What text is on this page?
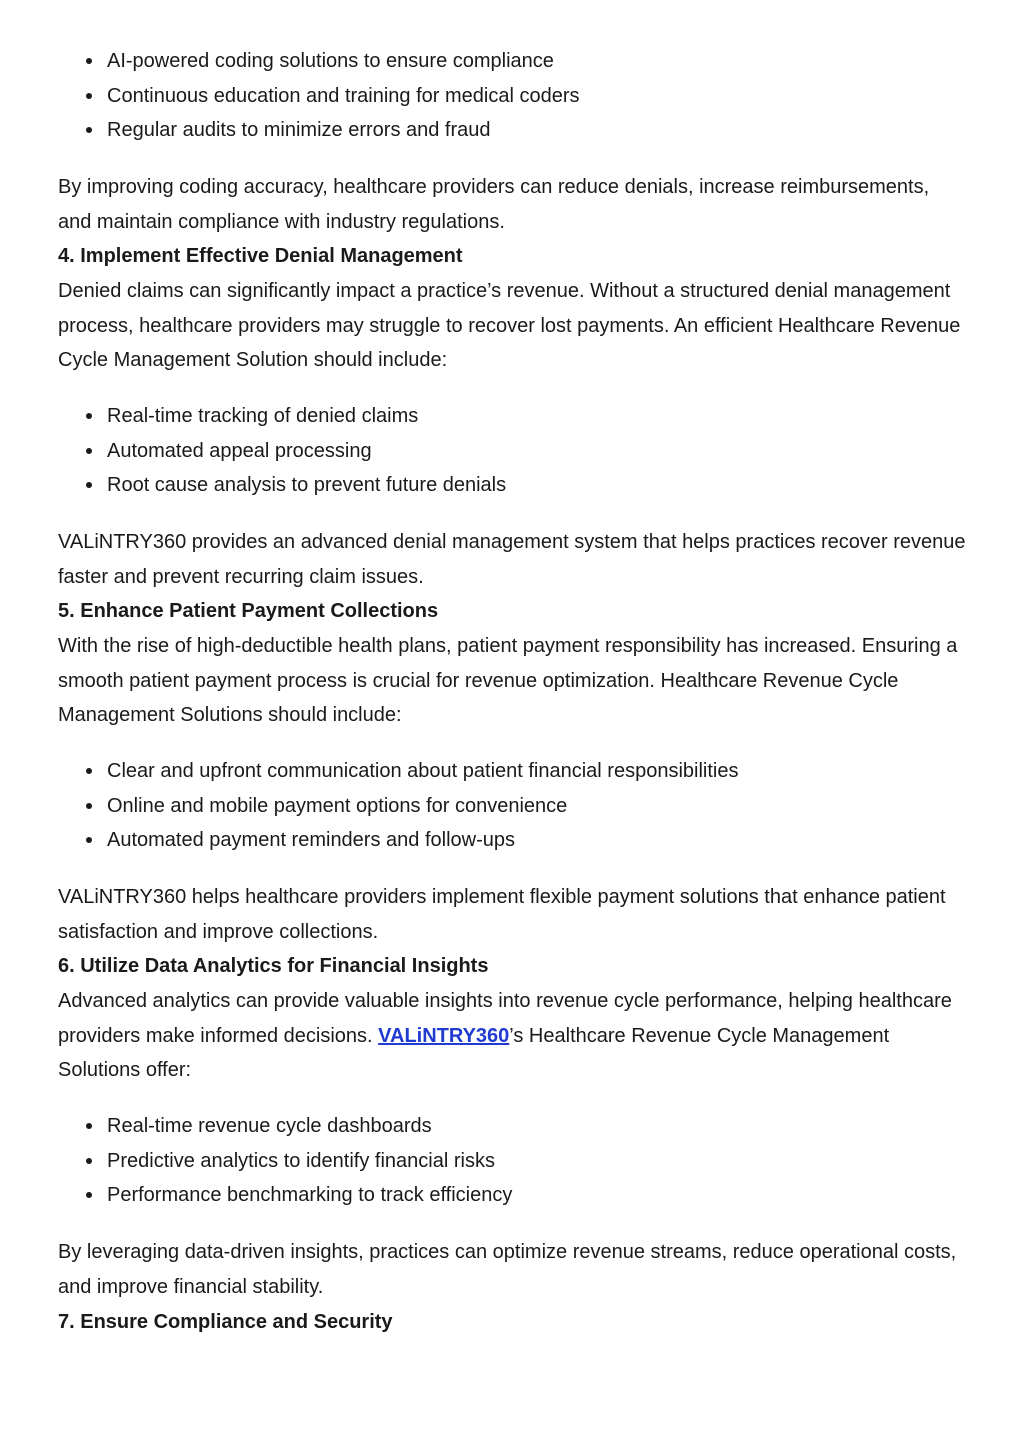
AI-powered coding solutions to ensure compliance
Continuous education and training for medical coders
Regular audits to minimize errors and fraud

By improving coding accuracy, healthcare providers can reduce denials, increase reimbursements, and maintain compliance with industry regulations.

4. Implement Effective Denial Management

Denied claims can significantly impact a practice’s revenue. Without a structured denial management process, healthcare providers may struggle to recover lost payments. An efficient Healthcare Revenue Cycle Management Solution should include:

Real-time tracking of denied claims
Automated appeal processing
Root cause analysis to prevent future denials

VALiNTRY360 provides an advanced denial management system that helps practices recover revenue faster and prevent recurring claim issues.

5. Enhance Patient Payment Collections

With the rise of high-deductible health plans, patient payment responsibility has increased. Ensuring a smooth patient payment process is crucial for revenue optimization. Healthcare Revenue Cycle Management Solutions should include:

Clear and upfront communication about patient financial responsibilities
Online and mobile payment options for convenience
Automated payment reminders and follow-ups

VALiNTRY360 helps healthcare providers implement flexible payment solutions that enhance patient satisfaction and improve collections.

6. Utilize Data Analytics for Financial Insights

Advanced analytics can provide valuable insights into revenue cycle performance, helping healthcare providers make informed decisions. VALiNTRY360’s Healthcare Revenue Cycle Management Solutions offer:

Real-time revenue cycle dashboards
Predictive analytics to identify financial risks
Performance benchmarking to track efficiency

By leveraging data-driven insights, practices can optimize revenue streams, reduce operational costs, and improve financial stability.

7. Ensure Compliance and Security
